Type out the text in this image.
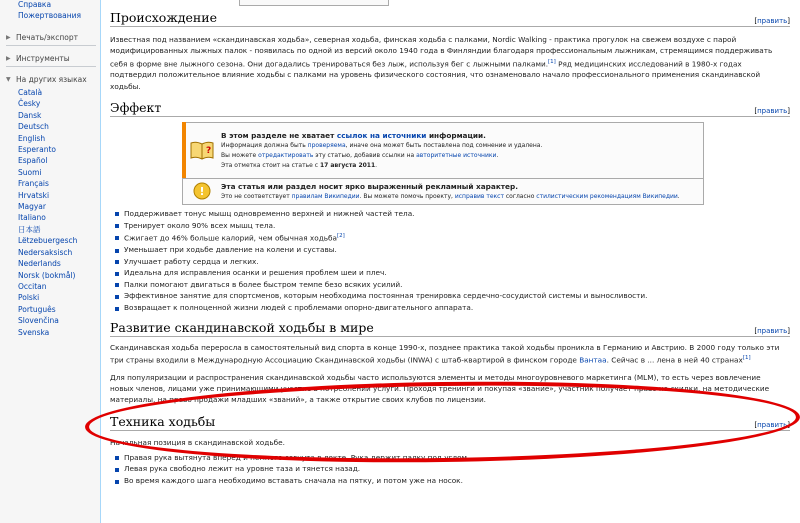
Справка
Пожертвования
▶ Печать/экспорт
▶ Инструменты
▼ На других языках
Català
Česky
Dansk
Deutsch
English
Esperanto
Español
Suomi
Français
Hrvatski
Magyar
Italiano
日本語
Lëtzebuergesch
Nedersaksisch
Nederlands
Norsk (bokmål)
Occitan
Polski
Português
Slovenčina
Svenska
Происхождение	[править]

Известная под названием «скандинавская ходьба», северная ходьба, финская ходьба с палками, Nordic Walking - практика прогулок на свежем воздухе с парой модифицированных лыжных палок - появилась по одной из версий около 1940 года в Финляндии благодаря профессиональным лыжникам, стремящимся поддерживать себя в форме вне лыжного сезона. Они догадались тренироваться без лыж, используя бег с лыжными палками.[1] Ряд медицинских исследований в 1980-х годах подтвердил положительное влияние ходьбы с палками на уровень физического состояния, что ознаменовало начало профессионального применения скандинавской ходьбы.

Эффект	[править]
?
В этом разделе не хватает ссылок на источники информации.
Информация должна быть проверяема, иначе она может быть поставлена под сомнение и удалена.
Вы можете отредактировать эту статью, добавив ссылки на авторитетные источники.
Эта отметка стоит на статье с 17 августа 2011.
! Эта статья или раздел носит ярко выраженный рекламный характер.
Это не соответствует правилам Википедии. Вы можете помочь проекту, исправив текст согласно стилистическим рекомендациям Википедии.
Поддерживает тонус мышц одновременно верхней и нижней частей тела.
Тренирует около 90% всех мышц тела.
Сжигает до 46% больше калорий, чем обычная ходьба[2]
Уменьшает при ходьбе давление на колени и суставы.
Улучшает работу сердца и легких.
Идеальна для исправления осанки и решения проблем шеи и плеч.
Палки помогают двигаться в более быстром темпе безо всяких усилий.
Эффективное занятие для спортсменов, которым необходима постоянная тренировка сердечно-сосудистой системы и выносливости.
Возвращает к полноценной жизни людей с проблемами опорно-двигательного аппарата.
Развитие скандинавской ходьбы в мире	[править]

Скандинавская ходьба переросла в самостоятельный вид спорта в конце 1990-х, позднее практика такой ходьбы проникла в Германию и Австрию. В 2000 году только эти три страны входили в Международную Ассоциацию Скандинавской ходьбы (INWA) с штаб-квартирой в финском городе Вантаа. Сейчас в ... лена в ней 40 странах[1]

Для популяризации и распространения скандинавской ходьбы часто используются элементы и методы многоуровневого маркетинга (MLM), то есть через вовлечение новых членов, лицами уже принимающими участие в потреблении услуги. Проходя тренинги и покупая «звание», участник получает право на скидки, на методические материалы, на право продажи младших «званий», а также открытие своих клубов по лицензии.

Техника ходьбы	[править]

Начальная позиция в скандинавской ходьбе.

Правая рука вытянута вперед и немного согнута в локте. Рука держит палку под углом.
Левая рука свободно лежит на уровне таза и тянется назад.
Во время каждого шага необходимо вставать сначала на пятку, и потом уже на носок.
